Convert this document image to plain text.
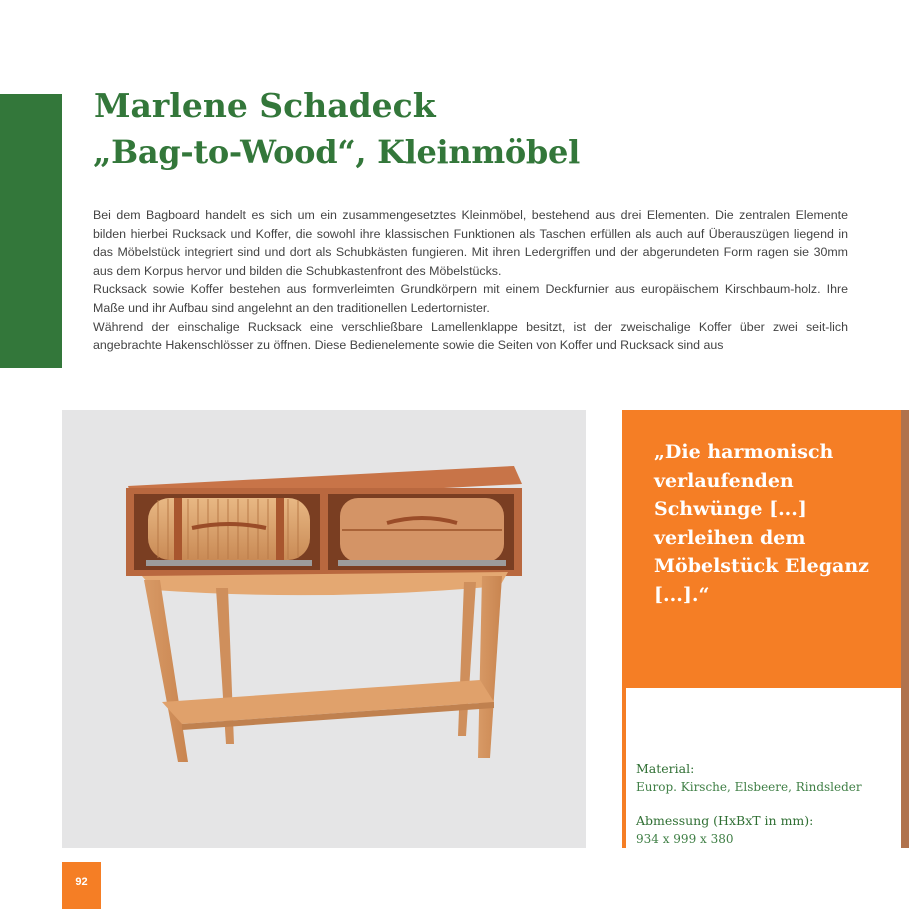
Marlene Schadeck
„Bag-to-Wood“, Kleinmöbel

Bei dem Bagboard handelt es sich um ein zusammengesetztes Kleinmöbel, bestehend aus drei Elementen. Die zentralen Elemente bilden hierbei Rucksack und Koffer, die sowohl ihre klassischen Funktionen als Taschen erfüllen als auch auf Überauszügen liegend in das Möbelstück integriert sind und dort als Schubkästen fungieren. Mit ihren Ledergriffen und der abgerundeten Form ragen sie 30mm aus dem Korpus hervor und bilden die Schubkastenfront des Möbelstücks.

Rucksack sowie Koffer bestehen aus formverleimten Grundkörpern mit einem Deckfurnier aus europäischem Kirschbaum-holz. Ihre Maße und ihr Aufbau sind angelehnt an den traditionellen Ledertornister.

Während der einschalige Rucksack eine verschließbare Lamellenklappe besitzt, ist der zweischalige Koffer über zwei seit-lich angebrachte Hakenschlösser zu öffnen. Diese Bedienelemente sowie die Seiten von Koffer und Rucksack sind aus

„Die harmonisch verlaufenden Schwünge [...] verleihen dem Möbelstück Eleganz [...].“

Material:
Europ. Kirsche, Elsbeere, Rindsleder
Abmessung (HxBxT in mm):
934 x 999 x 380
92
